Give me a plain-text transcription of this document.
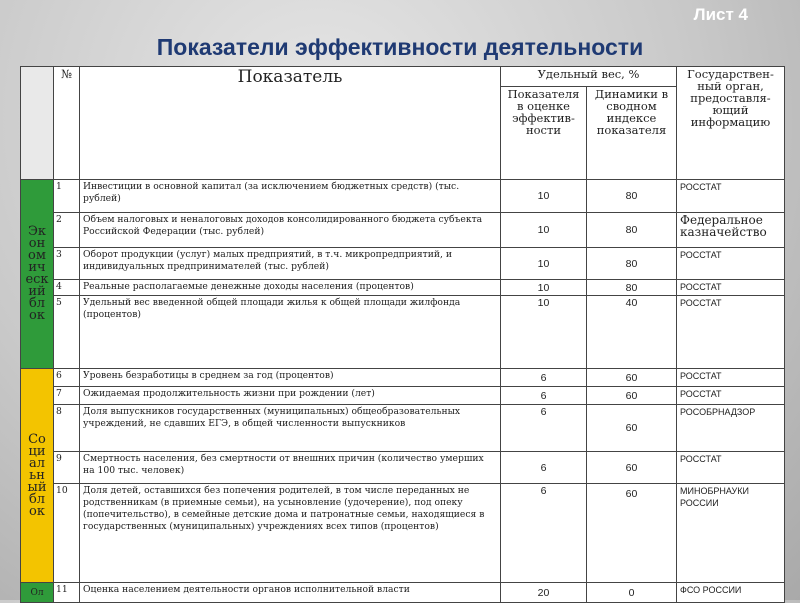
Лист 4
Показатели эффективности деятельности
	№	Показатель	Удельный вес, %		Государствен-ный орган, предоставля-ющий информацию
			Показателя в оценке эффектив-ности	Динамики в сводном индексе показателя	
Эк он ом ич еск ий бл ок	1	Инвестиции в основной капитал (за исключением бюджетных средств) (тыс. рублей)	10	80	РОССТАТ
	2	Объем налоговых и неналоговых доходов консолидированного бюджета субъекта Российской Федерации (тыс. рублей)	10	80	Федеральное казначейство
	3	Оборот продукции (услуг) малых предприятий, в т.ч. микропредприятий, и индивидуальных предпринимателей (тыс. рублей)	10	80	РОССТАТ
	4	Реальные располагаемые денежные доходы населения (процентов)	10	80	РОССТАТ
	5	Удельный вес введенной общей площади жилья к общей площади жилфонда (процентов)	10	40	РОССТАТ
Со ци ал ьн ый бл ок	6	Уровень безработицы в среднем за год (процентов)	6	60	РОССТАТ
	7	Ожидаемая продолжительность жизни при рождении (лет)	6	60	РОССТАТ
	8	Доля выпускников государственных (муниципальных) общеобразовательных учреждений, не сдавших ЕГЭ, в общей численности выпускников	6	60	РОСОБРНАДЗОР
	9	Смертность населения, без смертности от внешних причин (количество умерших на 100 тыс. человек)	6	60	РОССТАТ
	10	Доля детей, оставшихся без попечения родителей, в том числе переданных не родственникам (в приемные семьи), на усыновление (удочерение), под опеку (попечительство), в семейные детские дома и патронатные семьи, находящиеся в государственных (муниципальных) учреждениях всех типов (процентов)	6	60	МИНОБРНАУКИ РОССИИ
Ол	11	Оценка населением деятельности органов исполнительной власти	20	0	ФСО РОССИИ
